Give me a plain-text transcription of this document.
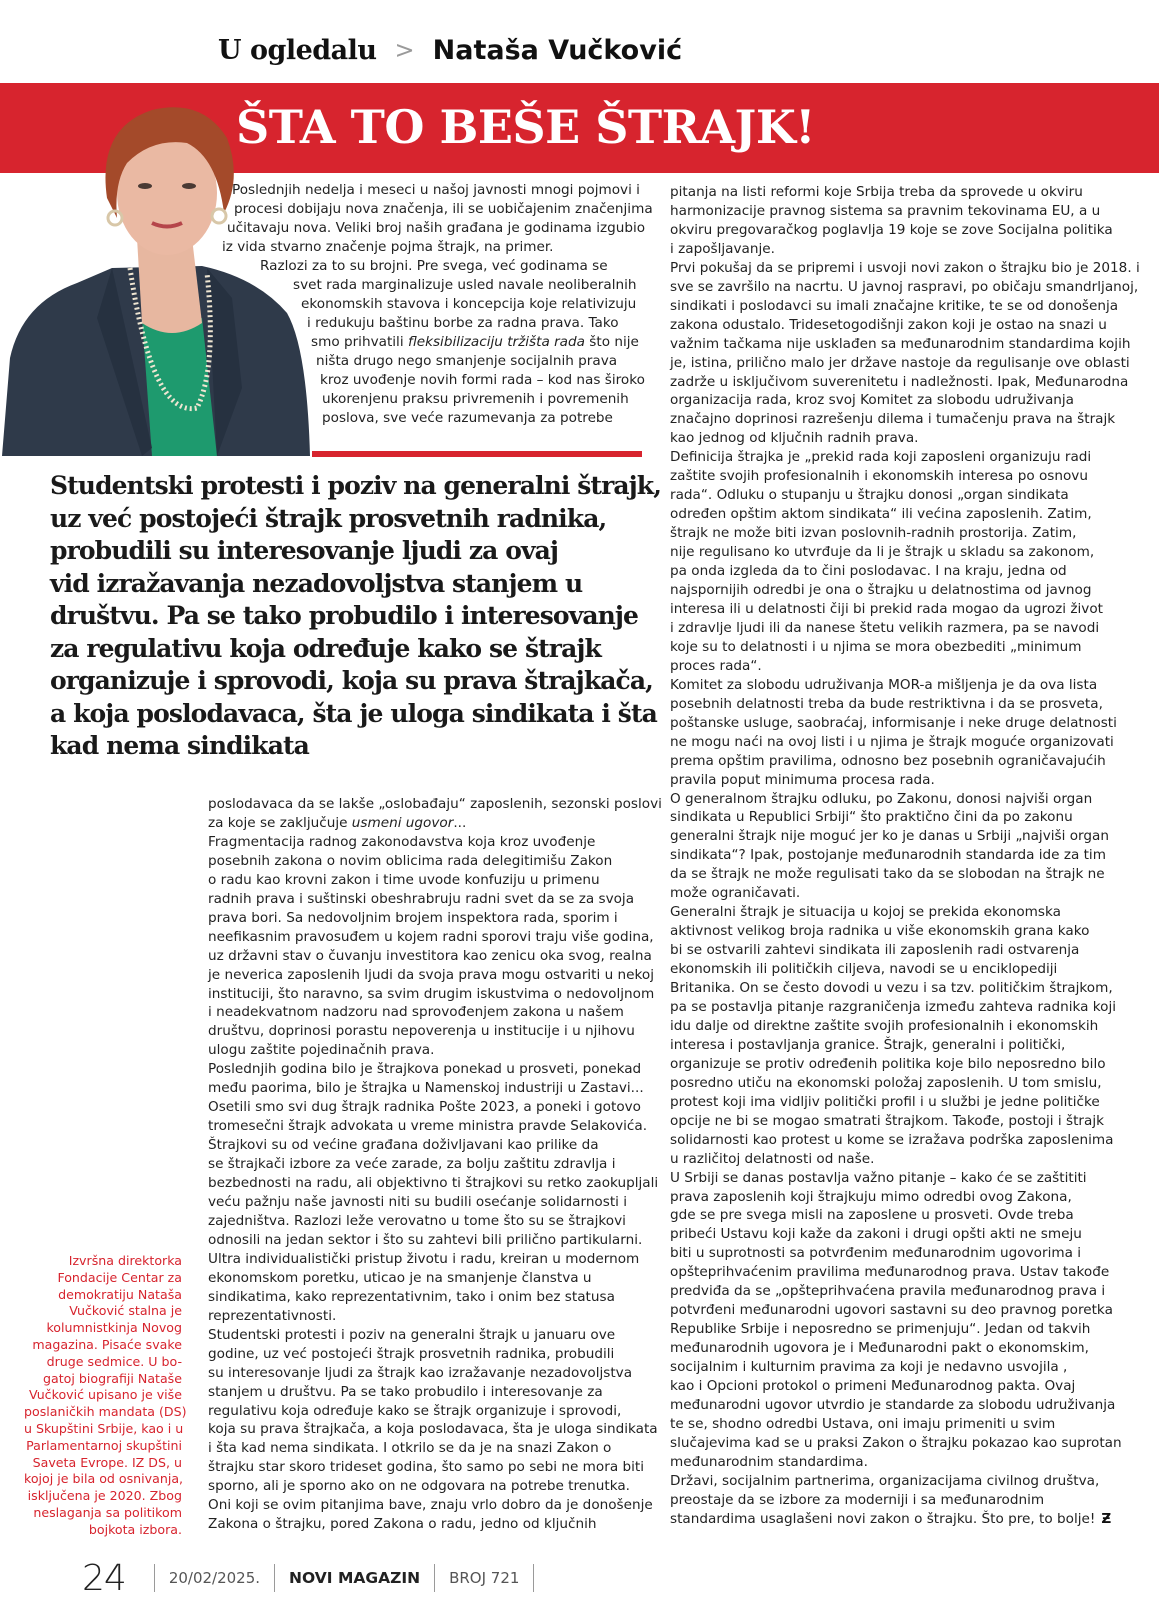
U ogledalu > Nataša Vučković
ŠTA TO BEŠE ŠTRAJK!
Poslednjih nedelja i meseci u našoj javnosti mnogi pojmovi i
procesi dobijaju nova značenja, ili se uobičajenim značenjima
učitavaju nova. Veliki broj naših građana je godinama izgubio
iz vida stvarno značenje pojma štrajk, na primer.
Razlozi za to su brojni. Pre svega, već godinama se
svet rada marginalizuje usled navale neoliberalnih
ekonomskih stavova i koncepcija koje relativizuju
i redukuju baštinu borbe za radna prava. Tako
smo prihvatili fleksibilizaciju tržišta rada što nije
ništa drugo nego smanjenje socijalnih prava
kroz uvođenje novih formi rada – kod nas široko
ukorenjenu praksu privremenih i povremenih
poslova, sve veće razumevanja za potrebe
Studentski protesti i poziv na generalni štrajk,
uz već postojeći štrajk prosvetnih radnika,
probudili su interesovanje ljudi za ovaj
vid izražavanja nezadovoljstva stanjem u
društvu. Pa se tako probudilo i interesovanje
za regulativu koja određuje kako se štrajk
organizuje i sprovodi, koja su prava štrajkača,
a koja poslodavaca, šta je uloga sindikata i šta
kad nema sindikata
poslodavaca da se lakše „oslobađaju“ zaposlenih, sezonski poslovi
za koje se zaključuje usmeni ugovor...
Fragmentacija radnog zakonodavstva koja kroz uvođenje
posebnih zakona o novim oblicima rada delegitimišu Zakon
o radu kao krovni zakon i time uvode konfuziju u primenu
radnih prava i suštinski obeshrabruju radni svet da se za svoja
prava bori. Sa nedovoljnim brojem inspektora rada, sporim i
neefikasnim pravosuđem u kojem radni sporovi traju više godina,
uz državni stav o čuvanju investitora kao zenicu oka svog, realna
je neverica zaposlenih ljudi da svoja prava mogu ostvariti u nekoj
instituciji, što naravno, sa svim drugim iskustvima o nedovoljnom
i neadekvatnom nadzoru nad sprovođenjem zakona u našem
društvu, doprinosi porastu nepoverenja u institucije i u njihovu
ulogu zaštite pojedinačnih prava.
Poslednjih godina bilo je štrajkova ponekad u prosveti, ponekad
među paorima, bilo je štrajka u Namenskoj industriji u Zastavi...
Osetili smo svi dug štrajk radnika Pošte 2023, a poneki i gotovo
tromesečni štrajk advokata u vreme ministra pravde Selakovića.
Štrajkovi su od većine građana doživljavani kao prilike da
se štrajkači izbore za veće zarade, za bolju zaštitu zdravlja i
bezbednosti na radu, ali objektivno ti štrajkovi su retko zaokupljali
veću pažnju naše javnosti niti su budili osećanje solidarnosti i
zajedništva. Razlozi leže verovatno u tome što su se štrajkovi
odnosili na jedan sektor i što su zahtevi bili prilično partikularni.
Ultra individualistički pristup životu i radu, kreiran u modernom
ekonomskom poretku, uticao je na smanjenje članstva u
sindikatima, kako reprezentativnim, tako i onim bez statusa
reprezentativnosti.
Studentski protesti i poziv na generalni štrajk u januaru ove
godine, uz već postojeći štrajk prosvetnih radnika, probudili
su interesovanje ljudi za štrajk kao izražavanje nezadovoljstva
stanjem u društvu. Pa se tako probudilo i interesovanje za
regulativu koja određuje kako se štrajk organizuje i sprovodi,
koja su prava štrajkača, a koja poslodavaca, šta je uloga sindikata
i šta kad nema sindikata. I otkrilo se da je na snazi Zakon o
štrajku star skoro trideset godina, što samo po sebi ne mora biti
sporno, ali je sporno ako on ne odgovara na potrebe trenutka.
Oni koji se ovim pitanjima bave, znaju vrlo dobro da je donošenje
Zakona o štrajku, pored Zakona o radu, jedno od ključnih
pitanja na listi reformi koje Srbija treba da sprovede u okviru
harmonizacije pravnog sistema sa pravnim tekovinama EU, a u
okviru pregovaračkog poglavlja 19 koje se zove Socijalna politika
i zapošljavanje.
Prvi pokušaj da se pripremi i usvoji novi zakon o štrajku bio je 2018. i
sve se završilo na nacrtu. U javnoj raspravi, po običaju smandrljanoj,
sindikati i poslodavci su imali značajne kritike, te se od donošenja
zakona odustalo. Tridesetogodišnji zakon koji je ostao na snazi u
važnim tačkama nije usklađen sa međunarodnim standardima kojih
je, istina, prilično malo jer države nastoje da regulisanje ove oblasti
zadrže u isključivom suverenitetu i nadležnosti. Ipak, Međunarodna
organizacija rada, kroz svoj Komitet za slobodu udruživanja
značajno doprinosi razrešenju dilema i tumačenju prava na štrajk
kao jednog od ključnih radnih prava.
Definicija štrajka je „prekid rada koji zaposleni organizuju radi
zaštite svojih profesionalnih i ekonomskih interesa po osnovu
rada“. Odluku o stupanju u štrajku donosi „organ sindikata
određen opštim aktom sindikata“ ili većina zaposlenih. Zatim,
štrajk ne može biti izvan poslovnih-radnih prostorija. Zatim,
nije regulisano ko utvrđuje da li je štrajk u skladu sa zakonom,
pa onda izgleda da to čini poslodavac. I na kraju, jedna od
najspornijih odredbi je ona o štrajku u delatnostima od javnog
interesa ili u delatnosti čiji bi prekid rada mogao da ugrozi život
i zdravlje ljudi ili da nanese štetu velikih razmera, pa se navodi
koje su to delatnosti i u njima se mora obezbediti „minimum
proces rada“.
Komitet za slobodu udruživanja MOR-a mišljenja je da ova lista
posebnih delatnosti treba da bude restriktivna i da se prosveta,
poštanske usluge, saobraćaj, informisanje i neke druge delatnosti
ne mogu naći na ovoj listi i u njima je štrajk moguće organizovati
prema opštim pravilima, odnosno bez posebnih ograničavajućih
pravila poput minimuma procesa rada.
O generalnom štrajku odluku, po Zakonu, donosi najviši organ
sindikata u Republici Srbiji“ što praktično čini da po zakonu
generalni štrajk nije moguć jer ko je danas u Srbiji „najviši organ
sindikata“? Ipak, postojanje međunarodnih standarda ide za tim
da se štrajk ne može regulisati tako da se slobodan na štrajk ne
može ograničavati.
Generalni štrajk je situacija u kojoj se prekida ekonomska
aktivnost velikog broja radnika u više ekonomskih grana kako
bi se ostvarili zahtevi sindikata ili zaposlenih radi ostvarenja
ekonomskih ili političkih ciljeva, navodi se u enciklopediji
Britanika. On se često dovodi u vezu i sa tzv. političkim štrajkom,
pa se postavlja pitanje razgraničenja između zahteva radnika koji
idu dalje od direktne zaštite svojih profesionalnih i ekonomskih
interesa i postavljanja granice. Štrajk, generalni i politički,
organizuje se protiv određenih politika koje bilo neposredno bilo
posredno utiču na ekonomski položaj zaposlenih. U tom smislu,
protest koji ima vidljiv politički profil i u službi je jedne političke
opcije ne bi se mogao smatrati štrajkom. Takođe, postoji i štrajk
solidarnosti kao protest u kome se izražava podrška zaposlenima
u različitoj delatnosti od naše.
U Srbiji se danas postavlja važno pitanje – kako će se zaštititi
prava zaposlenih koji štrajkuju mimo odredbi ovog Zakona,
gde se pre svega misli na zaposlene u prosveti. Ovde treba
pribeći Ustavu koji kaže da zakoni i drugi opšti akti ne smeju
biti u suprotnosti sa potvrđenim međunarodnim ugovorima i
opšteprihvaćenim pravilima međunarodnog prava. Ustav takođe
predviđa da se „opšteprihvaćena pravila međunarodnog prava i
potvrđeni međunarodni ugovori sastavni su deo pravnog poretka
Republike Srbije i neposredno se primenjuju“. Jedan od takvih
međunarodnih ugovora je i Međunarodni pakt o ekonomskim,
socijalnim i kulturnim pravima za koji je nedavno usvojila ,
kao i Opcioni protokol o primeni Međunarodnog pakta. Ovaj
međunarodni ugovor utvrdio je standarde za slobodu udruživanja
te se, shodno odredbi Ustava, oni imaju primeniti u svim
slučajevima kad se u praksi Zakon o štrajku pokazao kao suprotan
međunarodnim standardima.
Državi, socijalnim partnerima, organizacijama civilnog društva,
preostaje da se izbore za moderniji i sa međunarodnim
standardima usaglašeni novi zakon o štrajku. Što pre, to bolje! Ƶ
Izvršna direktorka
Fondacije Centar za
demokratiju Nataša
Vučković stalna je
kolumnistkinja Novog
magazina. Pisaće svake
druge sedmice. U bo-
gatoj biografiji Nataše
Vučković upisano je više
poslaničkih mandata (DS)
u Skupštini Srbije, kao i u
Parlamentarnoj skupštini
Saveta Evrope. IZ DS, u
kojoj je bila od osnivanja,
isključena je 2020. Zbog
neslaganja sa politikom
bojkota izbora.
24	20/02/2025. NOVI MAGAZIN BROJ 721
